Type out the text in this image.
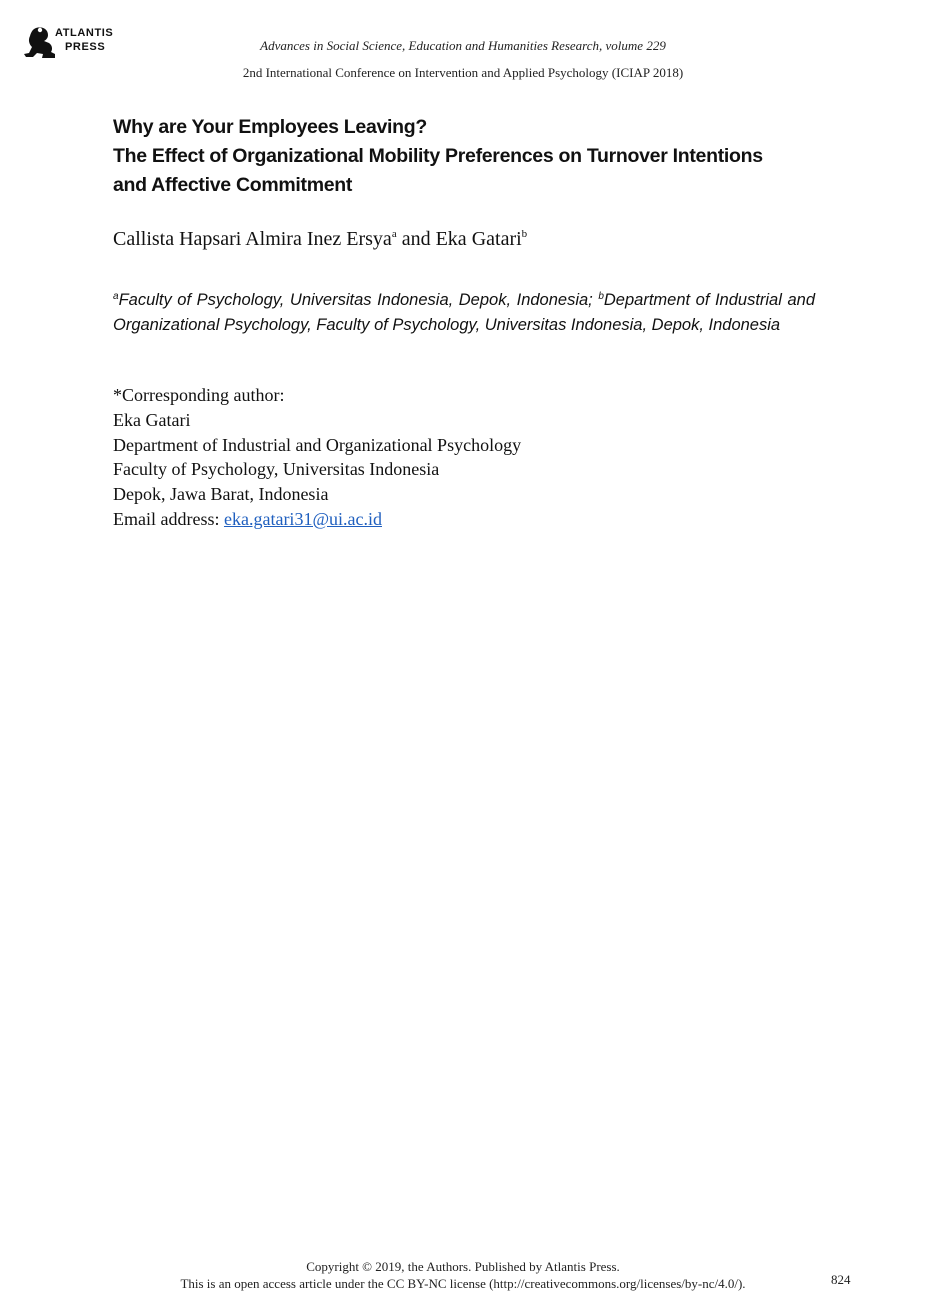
ATLANTIS
PRESS	Advances in Social Science, Education and Humanities Research, volume 229
2nd International Conference on Intervention and Applied Psychology (ICIAP 2018)
Why are Your Employees Leaving?
The Effect of Organizational Mobility Preferences on Turnover Intentions
and Affective Commitment
Callista Hapsari Almira Inez Ersya$^a$ and Eka Gatari$^b$
$^a$Faculty of Psychology, Universitas Indonesia, Depok, Indonesia; $^b$Department of Industrial and Organizational Psychology, Faculty of Psychology, Universitas Indonesia, Depok, Indonesia
*Corresponding author:
Eka Gatari
Department of Industrial and Organizational Psychology
Faculty of Psychology, Universitas Indonesia
Depok, Jawa Barat, Indonesia
Email address: eka.gatari31@ui.ac.id
Copyright © 2019, the Authors. Published by Atlantis Press.
This is an open access article under the CC BY-NC license (http://creativecommons.org/licenses/by-nc/4.0/).	824
